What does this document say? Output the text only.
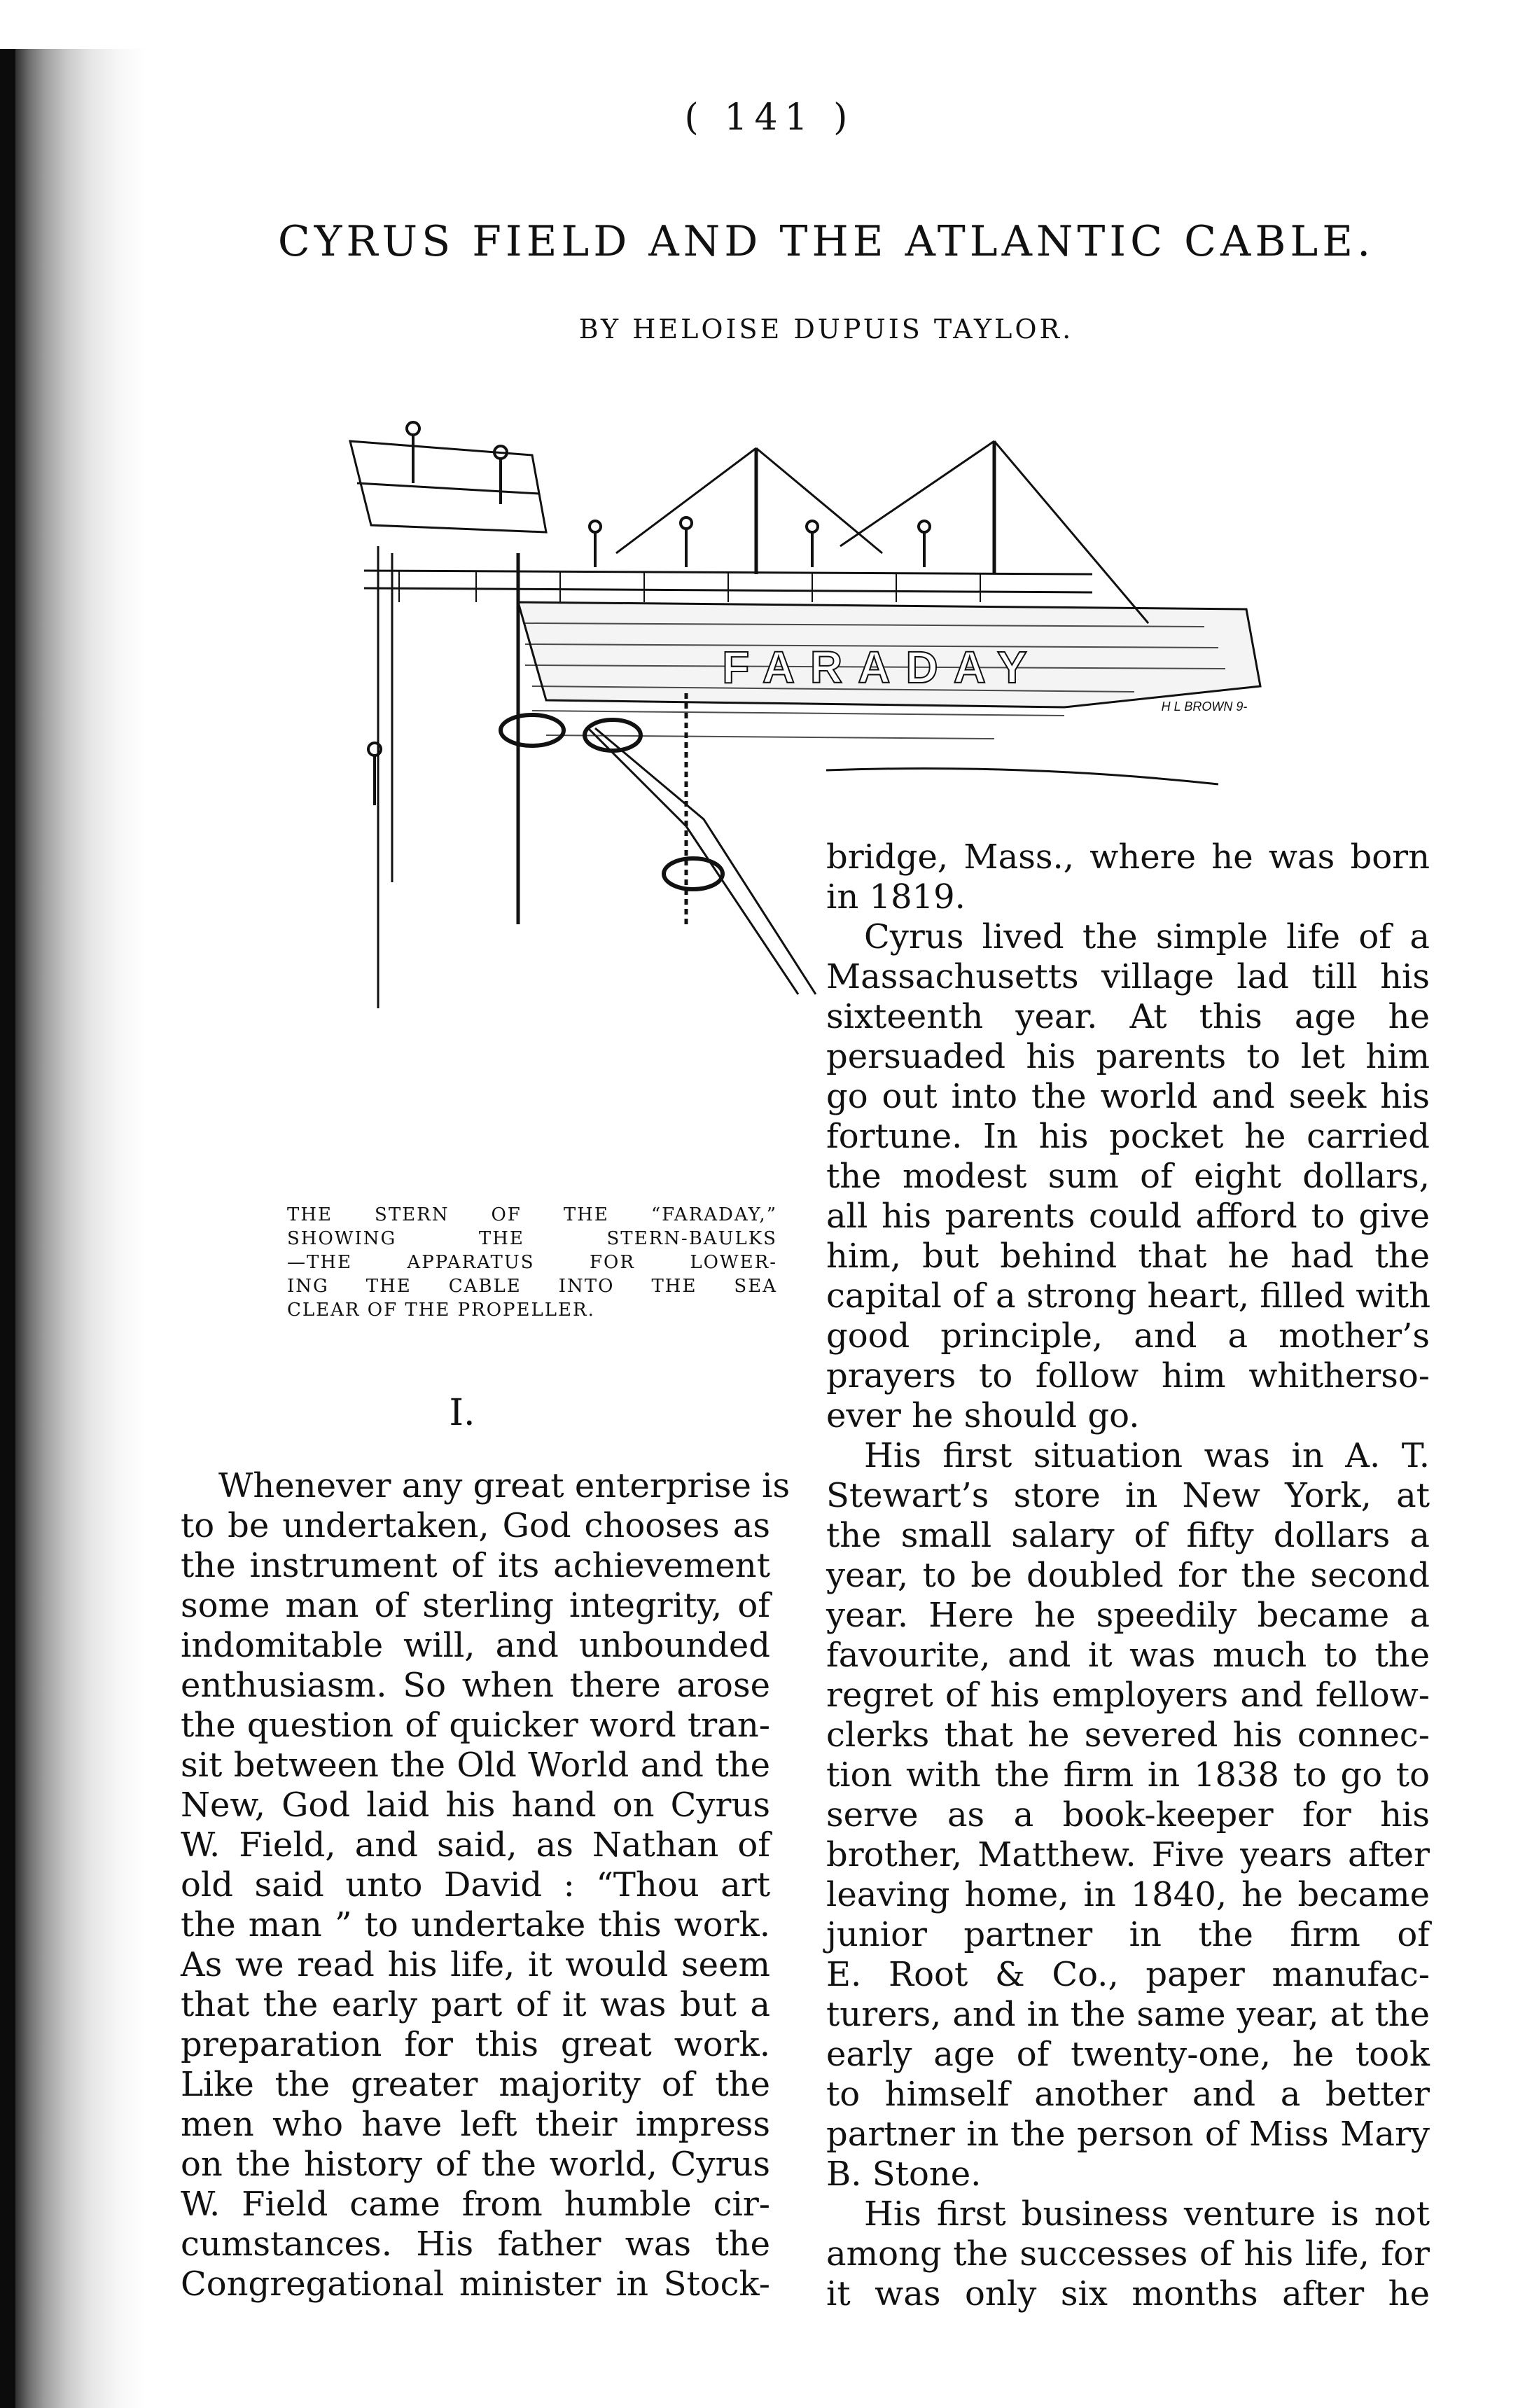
( 141 )
CYRUS FIELD AND THE ATLANTIC CABLE.
BY HELOISE DUPUIS TAYLOR.
FARADAY
H L BROWN 9-
THE STERN OF THE “FARADAY,”
SHOWING THE STERN-BAULKS
—THE APPARATUS FOR LOWER-
ING THE CABLE INTO THE SEA
CLEAR OF THE PROPELLER.
I.
Whenever any great enterprise is
to be undertaken, God chooses as
the instrument of its achievement
some man of sterling integrity, of
indomitable will, and unbounded
enthusiasm. So when there arose
the question of quicker word tran-
sit between the Old World and the
New, God laid his hand on Cyrus
W. Field, and said, as Nathan of
old said unto David : “Thou art
the man ” to undertake this work.
As we read his life, it would seem
that the early part of it was but a
preparation for this great work.
Like the greater majority of the
men who have left their impress
on the history of the world, Cyrus
W. Field came from humble cir-
cumstances. His father was the
Congregational minister in Stock-
bridge, Mass., where he was born
in 1819.
Cyrus lived the simple life of a
Massachusetts village lad till his
sixteenth year. At this age he
persuaded his parents to let him
go out into the world and seek his
fortune. In his pocket he carried
the modest sum of eight dollars,
all his parents could afford to give
him, but behind that he had the
capital of a strong heart, filled with
good principle, and a mother’s
prayers to follow him whitherso-
ever he should go.
His first situation was in A. T.
Stewart’s store in New York, at
the small salary of fifty dollars a
year, to be doubled for the second
year. Here he speedily became a
favourite, and it was much to the
regret of his employers and fellow-
clerks that he severed his connec-
tion with the firm in 1838 to go to
serve as a book-keeper for his
brother, Matthew. Five years after
leaving home, in 1840, he became
junior partner in the firm of
E. Root & Co., paper manufac-
turers, and in the same year, at the
early age of twenty-one, he took
to himself another and a better
partner in the person of Miss Mary
B. Stone.
His first business venture is not
among the successes of his life, for
it was only six months after he
